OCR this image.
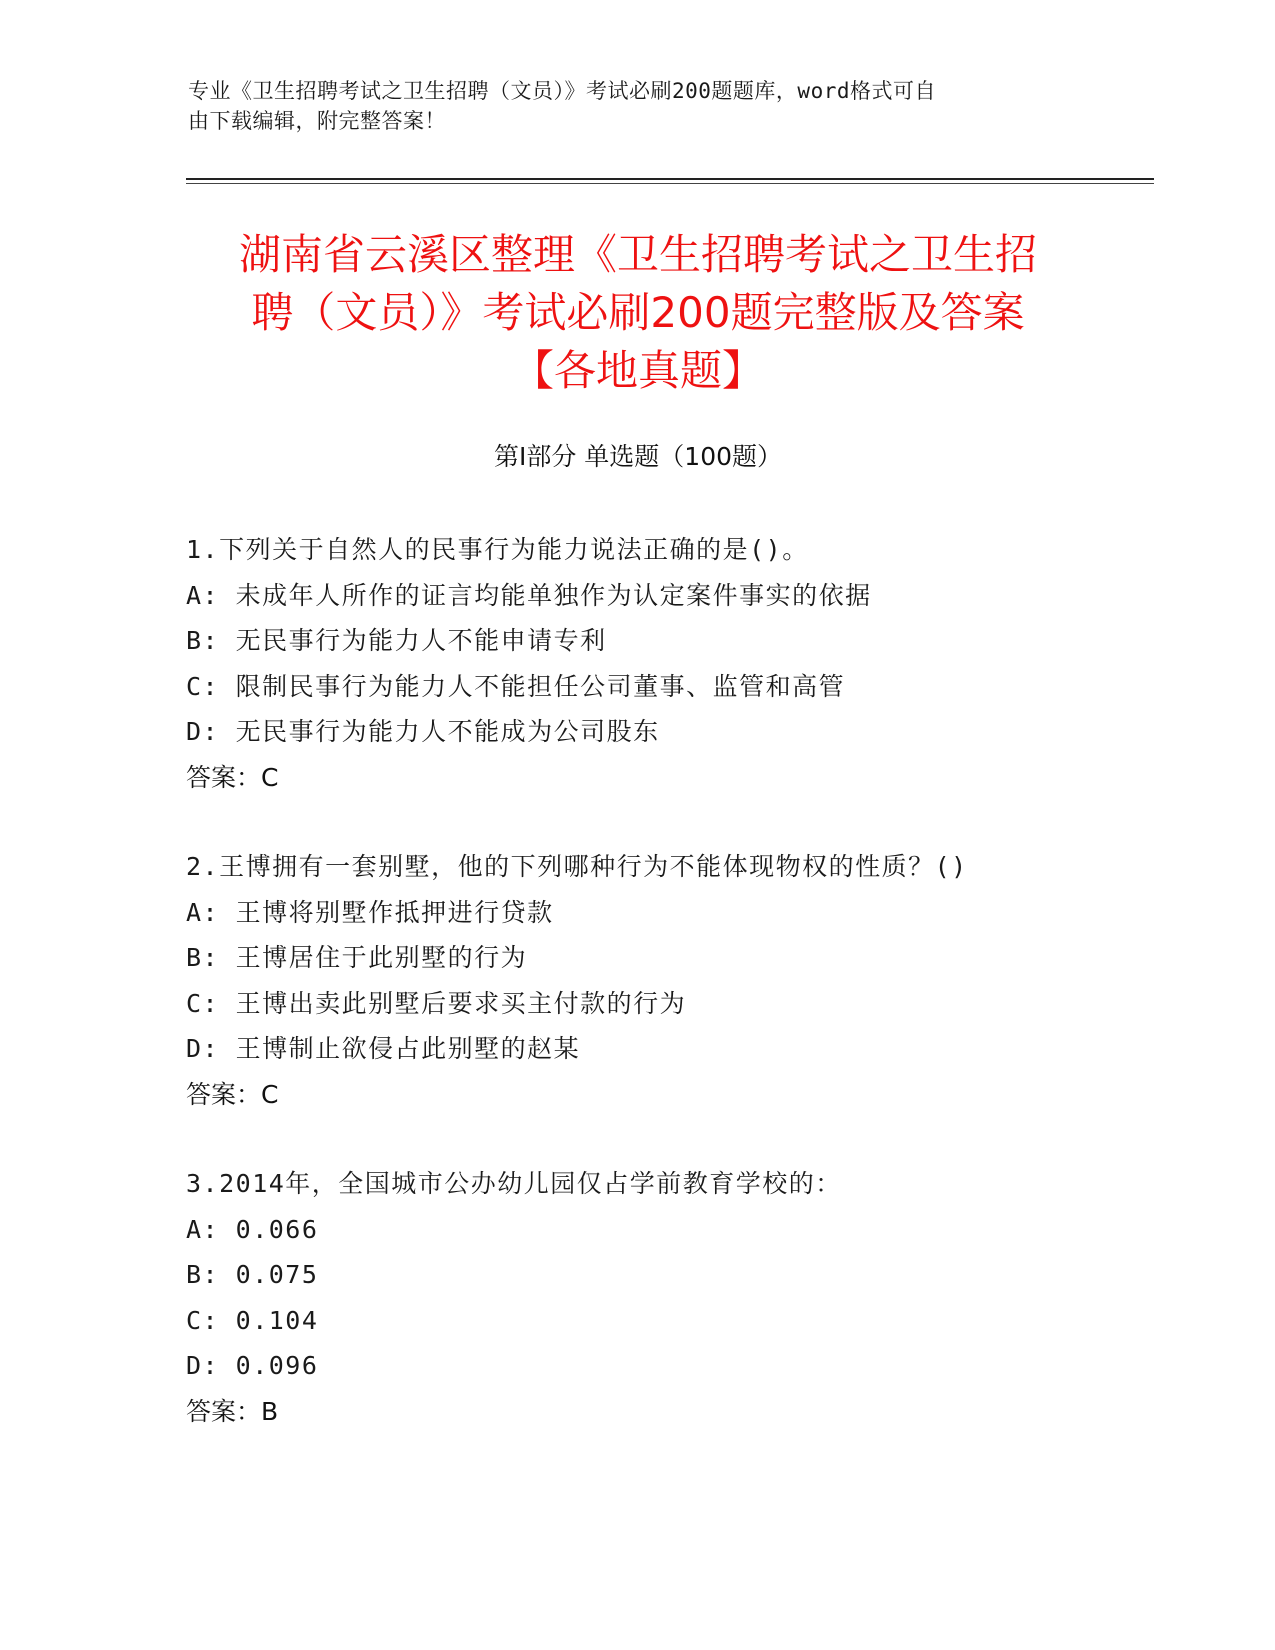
专业《卫生招聘考试之卫生招聘（文员）》考试必刷200题题库，word格式可自
由下载编辑，附完整答案！
湖南省云溪区整理《卫生招聘考试之卫生招
聘（文员）》考试必刷200题完整版及答案
【各地真题】
第I部分 单选题（100题）
1.下列关于自然人的民事行为能力说法正确的是()。
A: 未成年人所作的证言均能单独作为认定案件事实的依据
B: 无民事行为能力人不能申请专利
C: 限制民事行为能力人不能担任公司董事、监管和高管
D: 无民事行为能力人不能成为公司股东
答案：C
2.王博拥有一套别墅，他的下列哪种行为不能体现物权的性质？()
A: 王博将别墅作抵押进行贷款
B: 王博居住于此别墅的行为
C: 王博出卖此别墅后要求买主付款的行为
D: 王博制止欲侵占此别墅的赵某
答案：C
3.2014年，全国城市公办幼儿园仅占学前教育学校的：
A: 0.066
B: 0.075
C: 0.104
D: 0.096
答案：B
